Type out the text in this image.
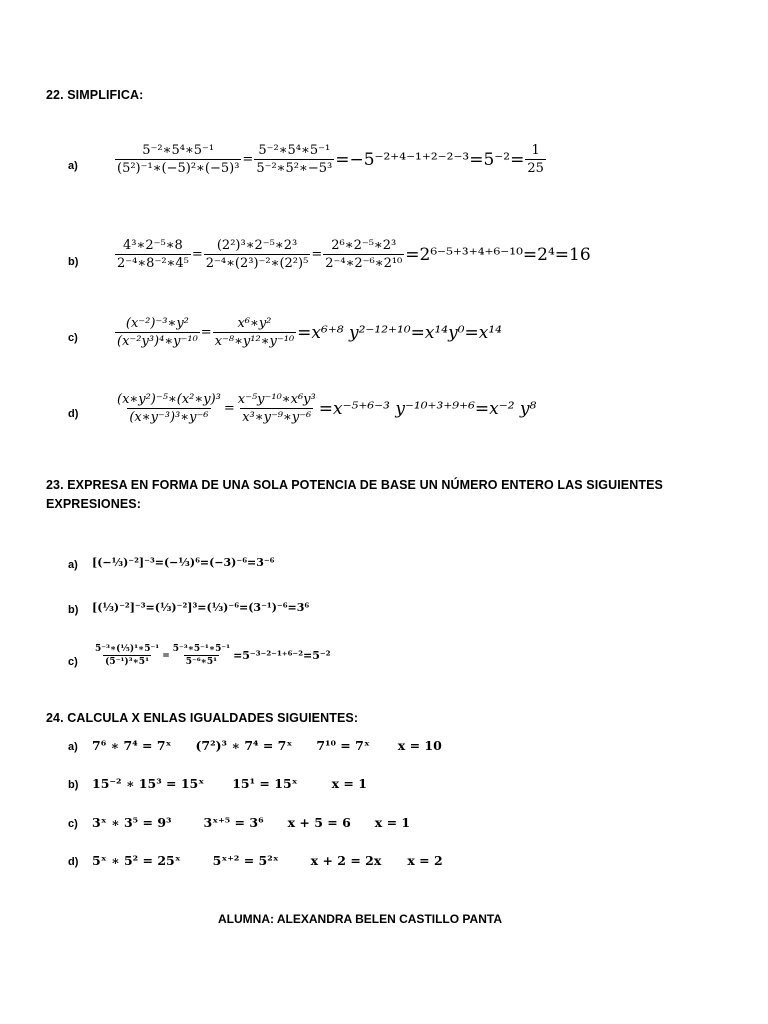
22. SIMPLIFICA:
a)	$\frac{\text{5⁻²∗5⁴∗5⁻¹}}{\text{(5²)⁻¹∗(−5)²∗(−5)³}} = \frac{\text{5⁻²∗5⁴∗5⁻¹}}{\text{5⁻²∗5²∗−5³}} =-5^{-2+4-1+2-2-3}=5^{-2}= \frac{1}{25}$
b)	$\frac{\text{4³∗2⁻⁵∗8}}{\text{2⁻⁴∗8⁻²∗4⁵}} = \frac{\text{(2²)³∗2⁻⁵∗2³}}{\text{2⁻⁴∗(2³)⁻²∗(2²)⁵}} = \frac{\text{2⁶∗2⁻⁵∗2³}}{\text{2⁻⁴∗2⁻⁶∗2¹⁰}} =2^{6-5+3+4+6-10}=2^4=16$
c)	$\frac{\text{(x⁻²)⁻³∗y²}}{\text{(x⁻²y³)⁴∗y⁻¹⁰}} = \frac{\text{x⁶∗y²}}{\text{x⁻⁸∗y¹²∗y⁻¹⁰}} =x^{6+8}$ y²⁻¹²⁺¹⁰=x¹⁴y⁰=x¹⁴
d)	$\frac{\text{(x∗y²)⁻⁵∗(x²∗y)³}}{\text{(x∗y⁻³)³∗y⁻⁶}} = \frac{\text{x⁻⁵y⁻¹⁰∗x⁶y³}}{\text{x³∗y⁻⁹∗y⁻⁶}} =x^{-5+6-3}$ y⁻¹⁰⁺³⁺⁹⁺⁶=x⁻² y⁸
23. EXPRESA EN FORMA DE UNA SOLA POTENCIA DE BASE UN NÚMERO ENTERO LAS SIGUIENTES EXPRESIONES:
a) [(−¹⁄₃)⁻²]⁻³=(−¹⁄₃)⁶=(−3)⁻⁶=3⁻⁶
b) [(¹⁄₃)⁻²]⁻³=(¹⁄₃)⁻²]³=(¹⁄₃)⁻⁶=(3⁻¹)⁻⁶=3⁶
$c) \frac{\text{5⁻³∗(¹⁄₅)¹∗5⁻¹}}{\text{(5⁻¹)³∗5¹}} = \frac{\text{5⁻³∗5⁻¹∗5⁻¹}}{\text{5⁻⁶∗5¹}} =5^{-3-2-1+6-2}=5^{-2}$
24. CALCULA X ENLAS IGUALDADES SIGUIENTES:
a) 7⁶ ∗ 7⁴ = 7ˣ (7²)³ ∗ 7⁴ = 7ˣ 7¹⁰ = 7ˣ x = 10
b) 15⁻² ∗ 15³ = 15ˣ 15¹ = 15ˣ	x = 1
c) 3ˣ ∗ 3⁵ = 9³	3ˣ⁺⁵ = 3⁶ x + 5 = 6 x = 1
d) 5ˣ ∗ 5² = 25ˣ	5ˣ⁺² = 5²ˣ	x + 2 = 2x x = 2
ALUMNA: ALEXANDRA BELEN CASTILLO PANTA
